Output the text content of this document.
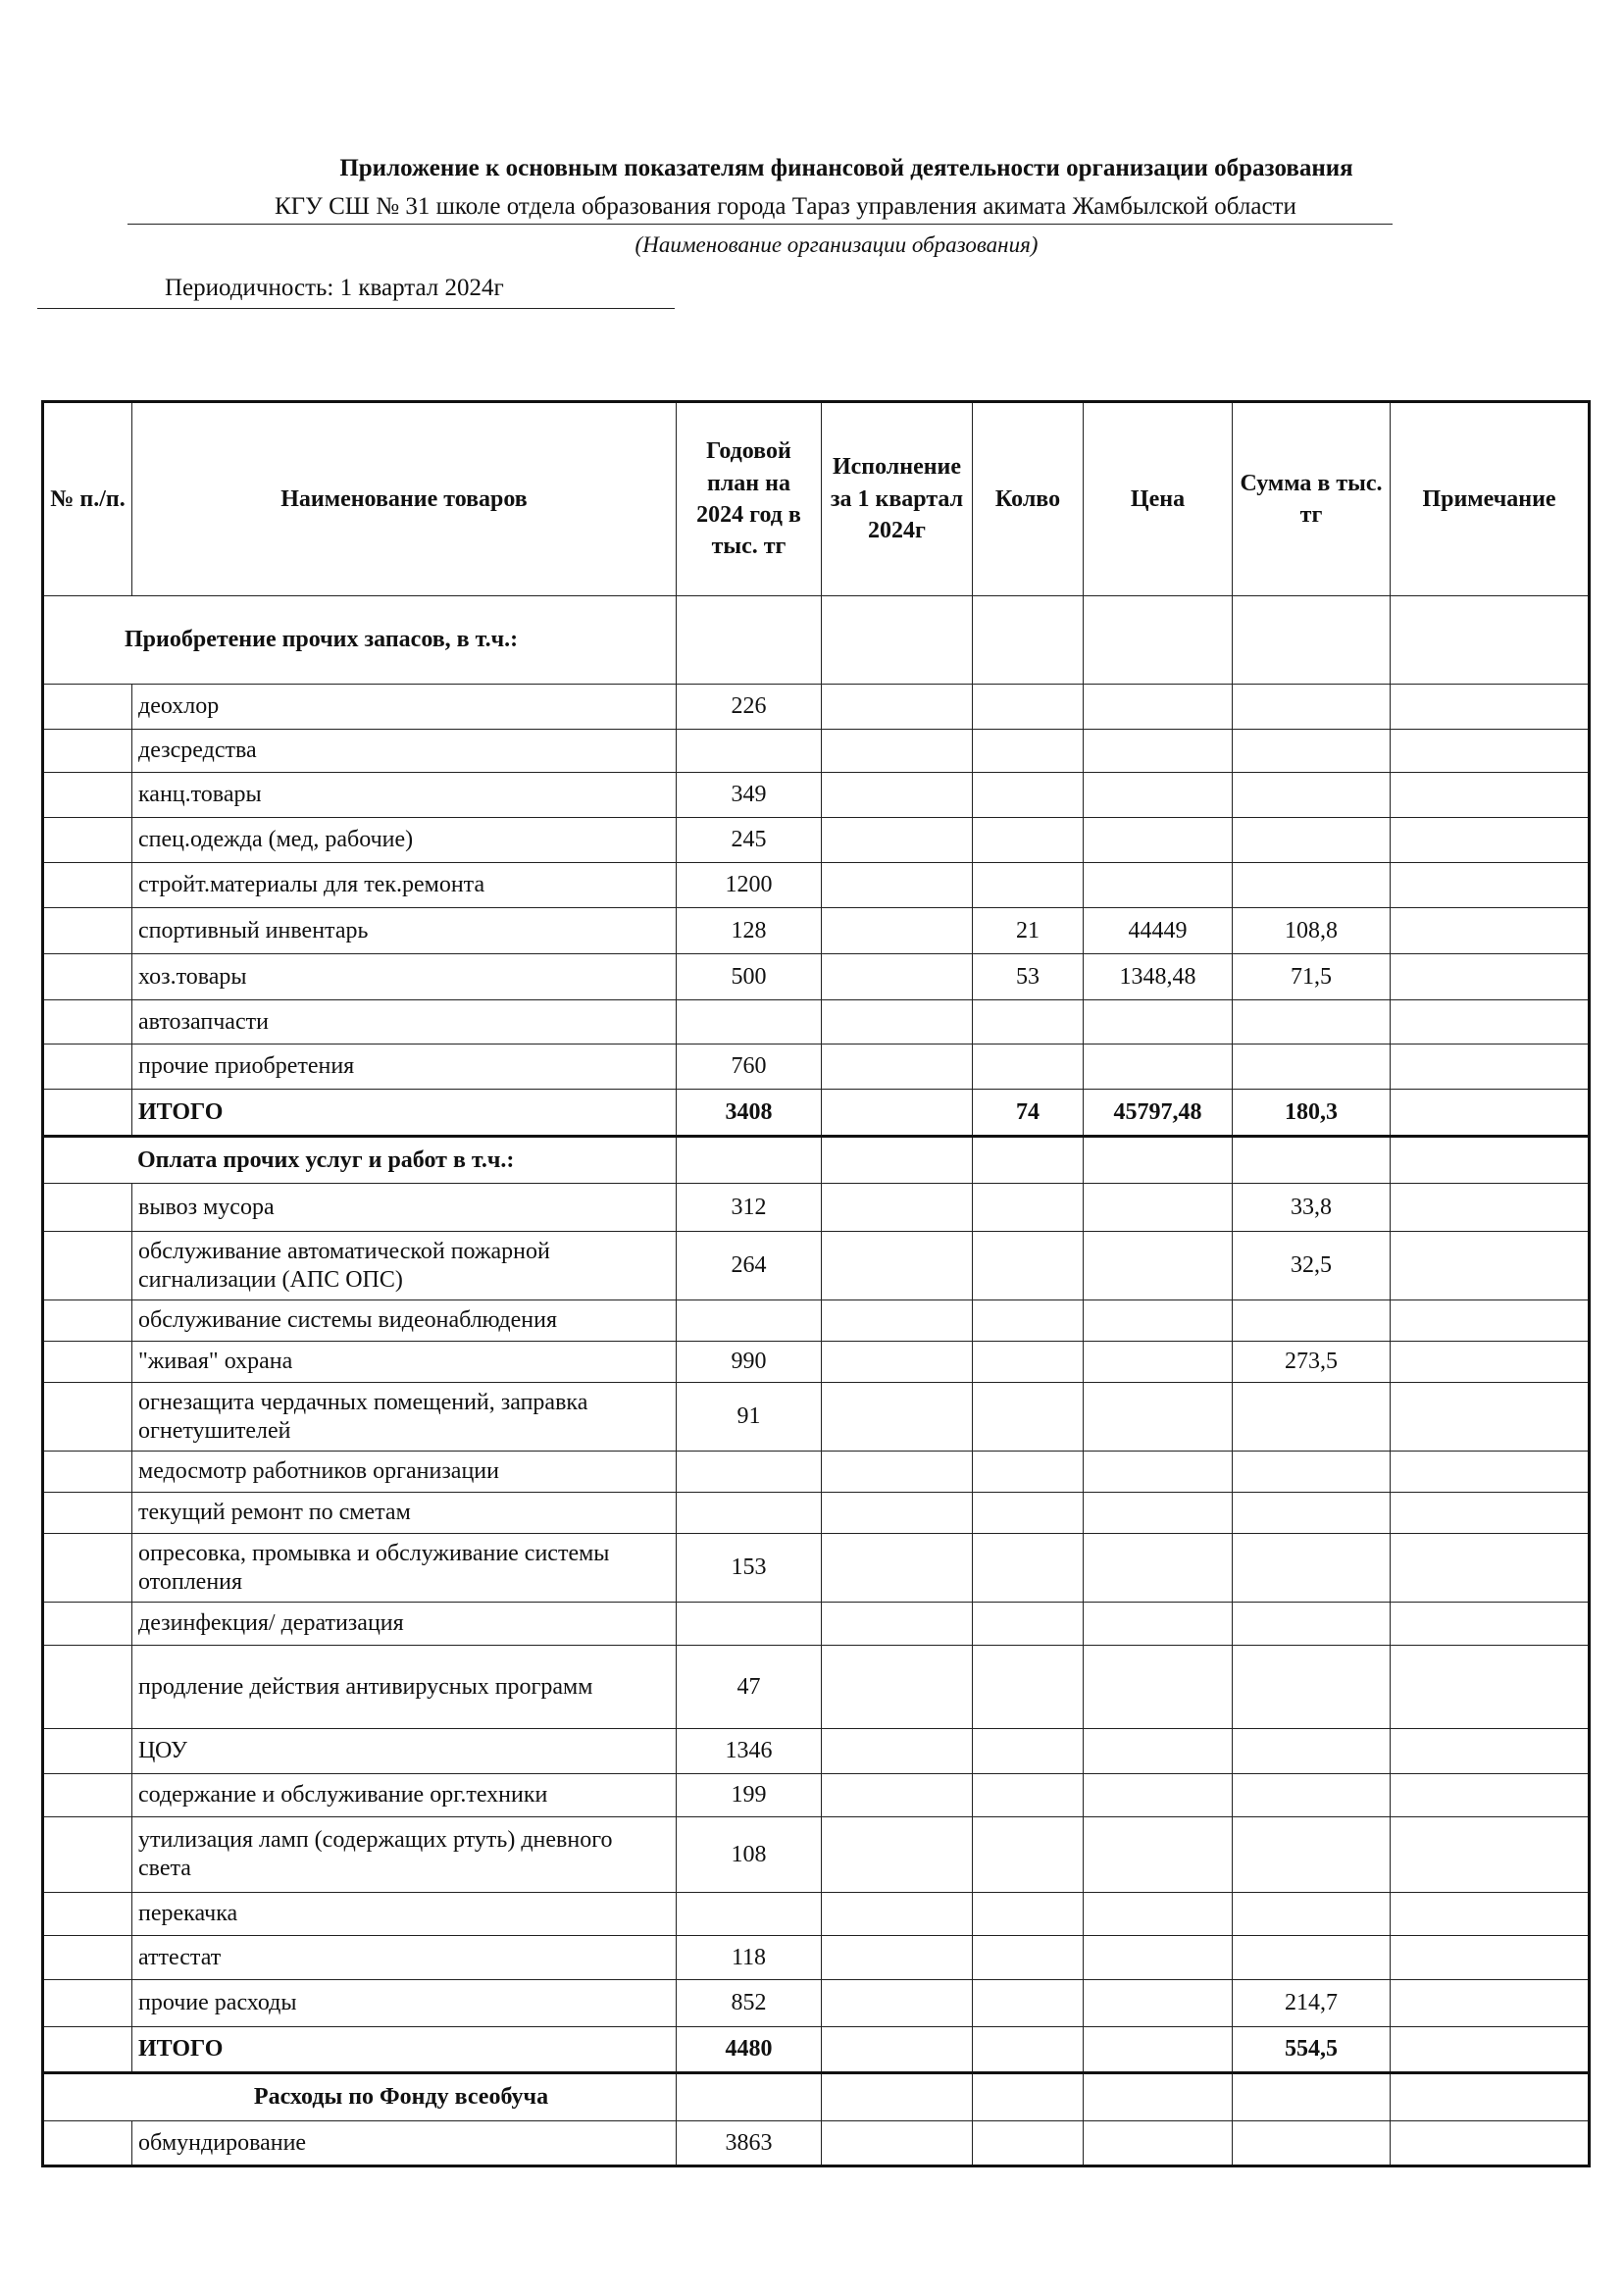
Приложение к основным показателям финансовой деятельности организации образования
КГУ СШ № 31 школе отдела образования города Тараз управления акимата Жамбылской области
(Наименование организации образования)
Периодичность: 1 квартал 2024г
№ п./п.	Наименование товаров	Годовой план на 2024 год в тыс. тг	Исполнение за 1 квартал 2024г	Колво	Цена	Сумма в тыс. тг	Примечание
Приобретение прочих запасов, в т.ч.:							
	деохлор	226					
	дезсредства						
	канц.товары	349					
	спец.одежда (мед, рабочие)	245					
	стройт.материалы для тек.ремонта	1200					
	спортивный инвентарь	128		21	44449	108,8	
	хоз.товары	500		53	1348,48	71,5	
	автозапчасти						
	прочие приобретения	760					
	ИТОГО	3408		74	45797,48	180,3	
Оплата прочих услуг и работ в т.ч.:							
	вывоз мусора	312				33,8	
	обслуживание автоматической пожарной сигнализации (АПС ОПС)	264				32,5	
	обслуживание системы видеонаблюдения						
	"живая" охрана	990				273,5	
	огнезащита чердачных помещений, заправка огнетушителей	91					
	медосмотр работников организации						
	текущий ремонт по сметам						
	опресовка, промывка и обслуживание системы отопления	153					
	дезинфекция/ дератизация						
	продление действия антивирусных программ	47					
	ЦОУ	1346					
	содержание и обслуживание орг.техники	199					
	утилизация ламп (содержащих ртуть) дневного света	108					
	перекачка						
	аттестат	118					
	прочие расходы	852				214,7	
	ИТОГО	4480				554,5	
Расходы по Фонду всеобуча							
	обмундирование	3863					
